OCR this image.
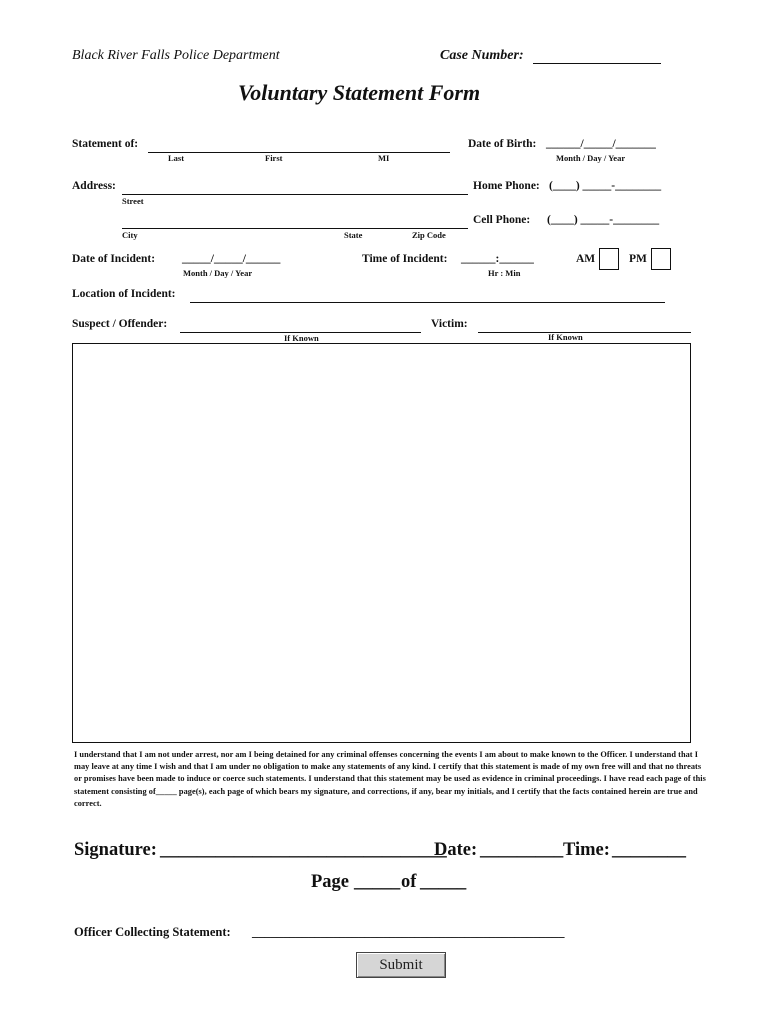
Black River Falls Police Department	Case Number:
Voluntary Statement Form
Statement of:
Last	First	MI
Date of Birth: ______/_____/_______
Month / Day / Year
Address:
Street
Home Phone: (____) _____-________
City	State	Zip Code
Cell Phone: (____) _____-________
Date of Incident: _____/_____/______
Month / Day / Year
Time of Incident: ______:______
Hr : Min
AM	PM
Location of Incident:
Suspect / Offender:
If Known
Victim:
If Known
I understand that I am not under arrest, nor am I being detained for any criminal offenses concerning the events I am about to make known to the Officer. I understand that I may leave at any time I wish and that I am under no obligation to make any statements of any kind. I certify that this statement is made of my own free will and that no threats or promises have been made to induce or coerce such statements. I understand that this statement may be used as evidence in criminal proceedings. I have read each page of this statement consisting of_____ page(s), each page of which bears my signature, and corrections, if any, bear my initials, and I certify that the facts contained herein are true and correct.
Signature: _______________________________
Date: _________ Time: ________
Page _____ of _____
Officer Collecting Statement: __________________________________________________
Submit
